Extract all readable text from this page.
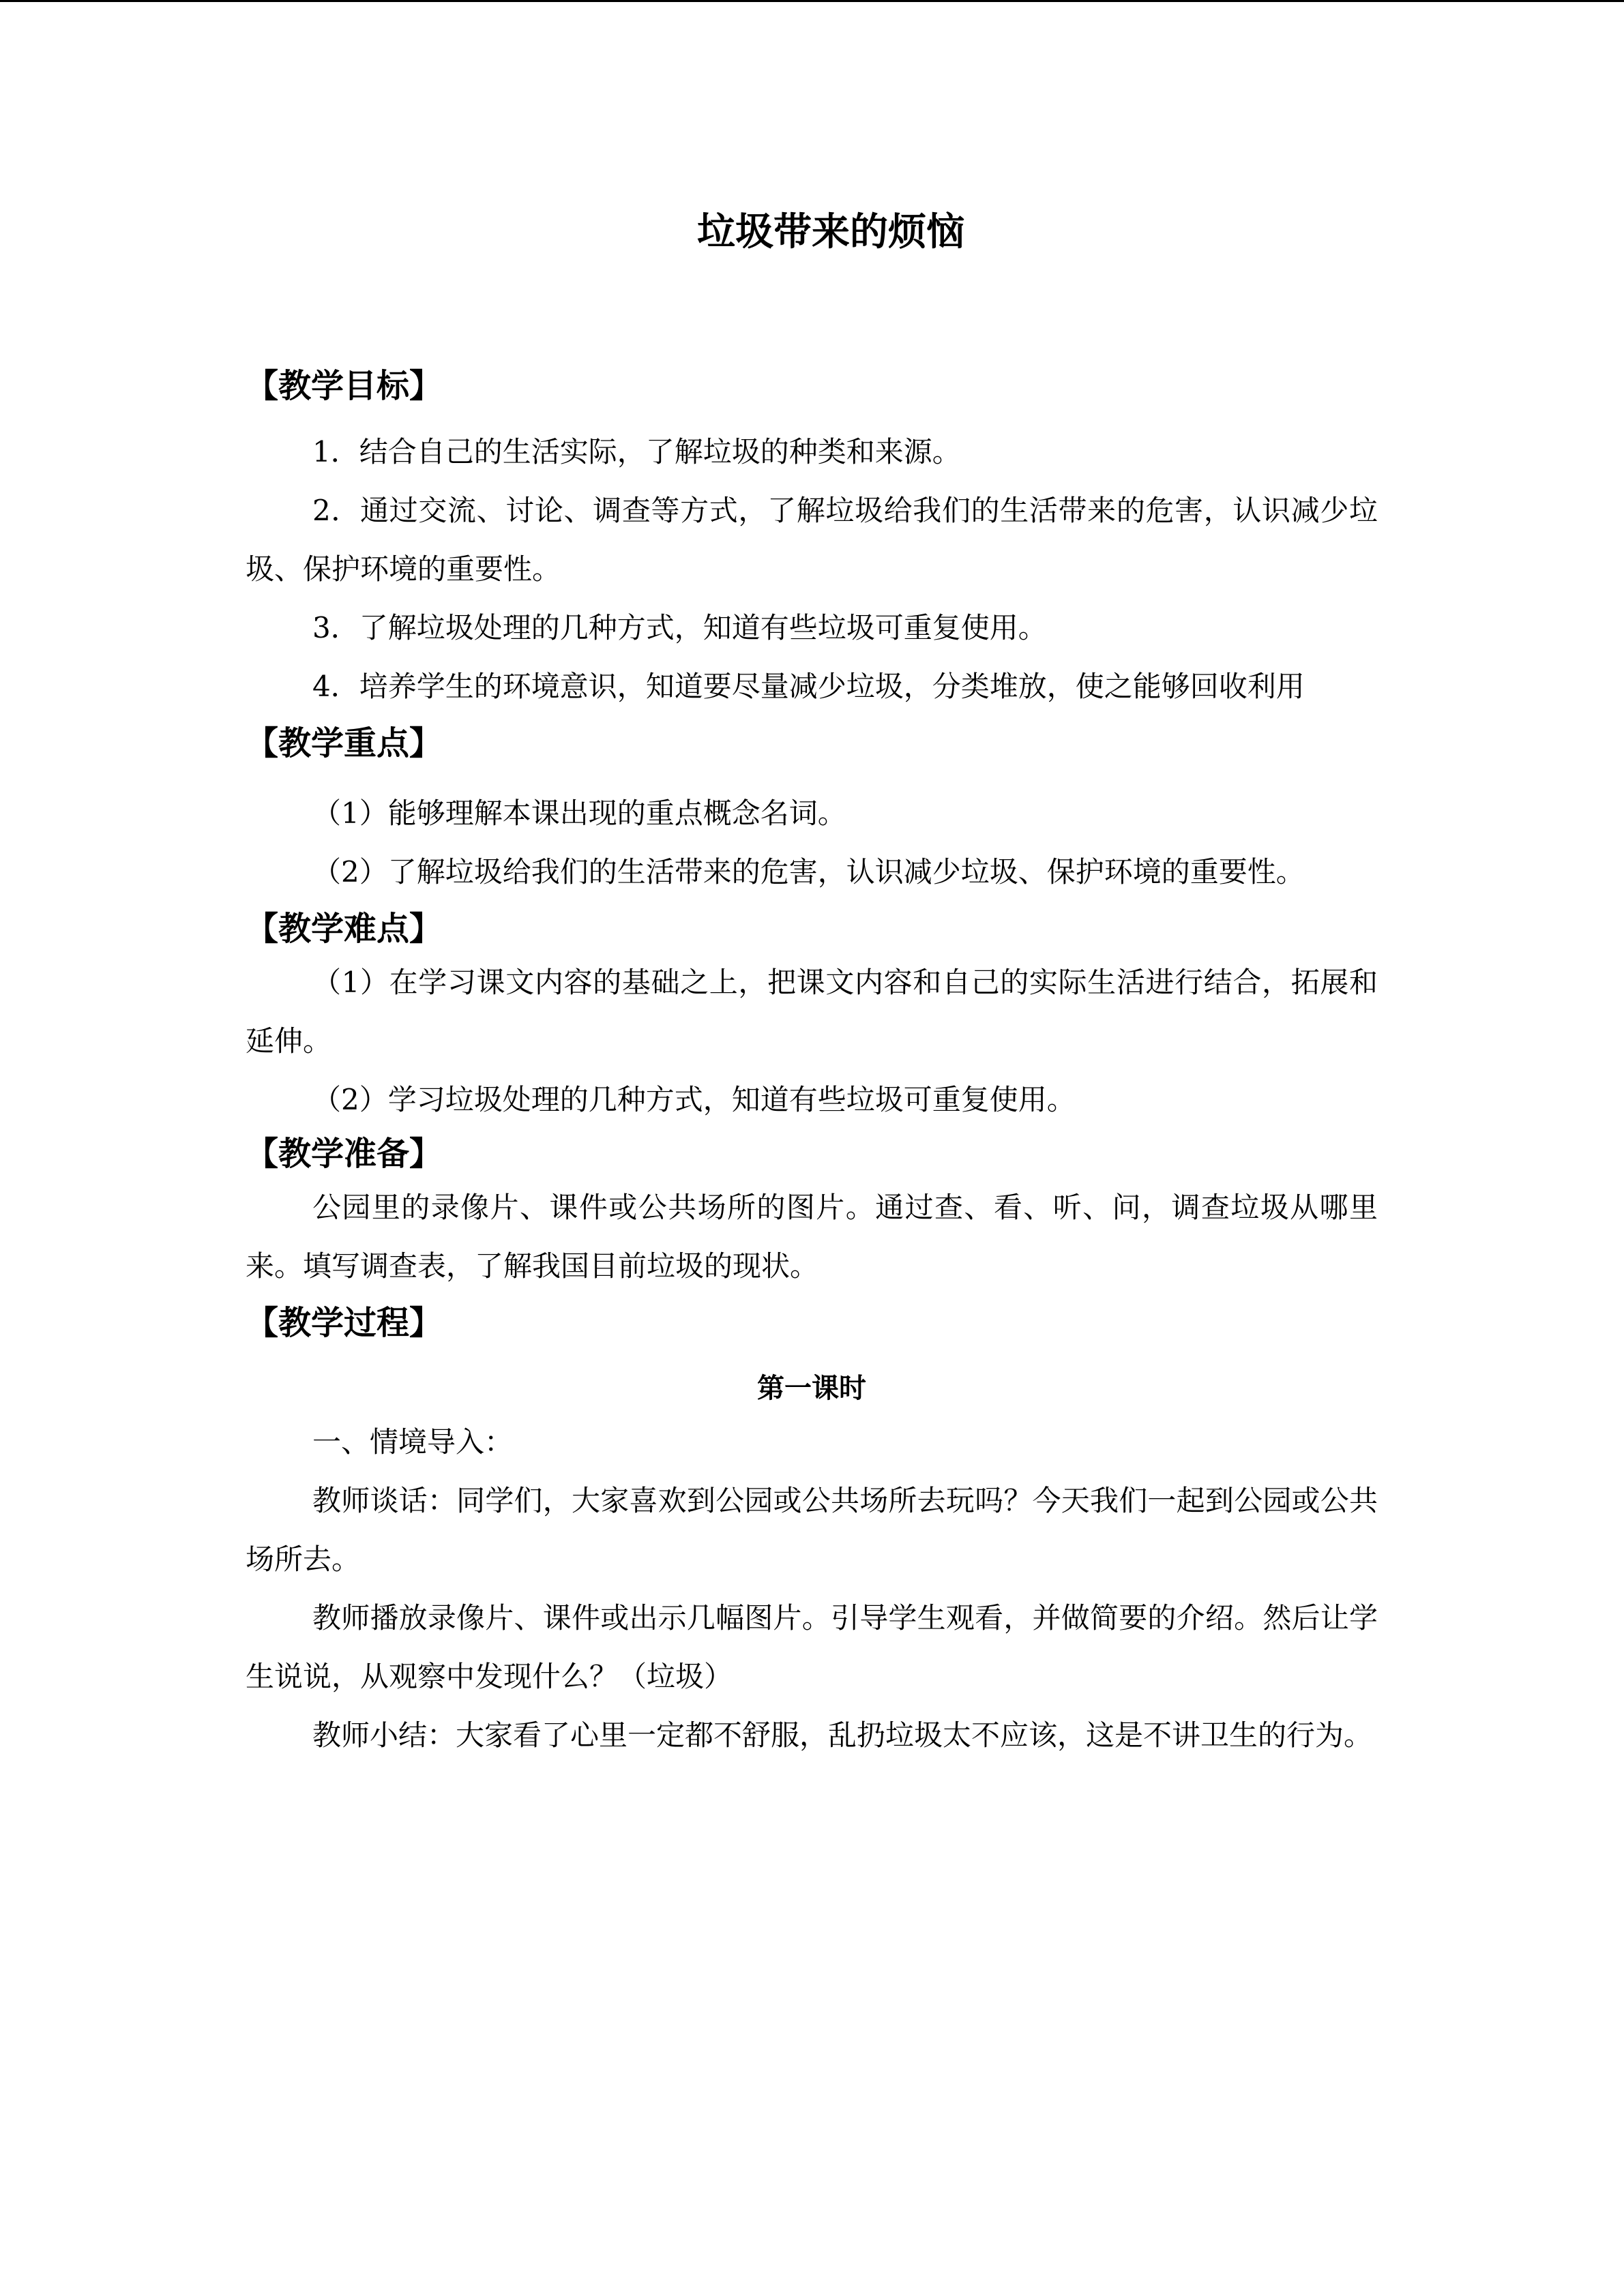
垃圾带来的烦恼
【教学目标】

1．结合自己的生活实际，了解垃圾的种类和来源。

2．通过交流、讨论、调查等方式，了解垃圾给我们的生活带来的危害，认识减少垃圾、保护环境的重要性。

3．了解垃圾处理的几种方式，知道有些垃圾可重复使用。

4．培养学生的环境意识，知道要尽量减少垃圾，分类堆放，使之能够回收利用

【教学重点】

（1）能够理解本课出现的重点概念名词。

（2）了解垃圾给我们的生活带来的危害，认识减少垃圾、保护环境的重要性。

【教学难点】

（1）在学习课文内容的基础之上，把课文内容和自己的实际生活进行结合，拓展和延伸。

（2）学习垃圾处理的几种方式，知道有些垃圾可重复使用。

【教学准备】

公园里的录像片、课件或公共场所的图片。通过查、看、听、问，调查垃圾从哪里来。填写调查表，了解我国目前垃圾的现状。

【教学过程】
第一课时

一、情境导入：

教师谈话：同学们，大家喜欢到公园或公共场所去玩吗？今天我们一起到公园或公共场所去。

教师播放录像片、课件或出示几幅图片。引导学生观看，并做简要的介绍。然后让学生说说，从观察中发现什么？（垃圾）

教师小结：大家看了心里一定都不舒服，乱扔垃圾太不应该，这是不讲卫生的行为。
